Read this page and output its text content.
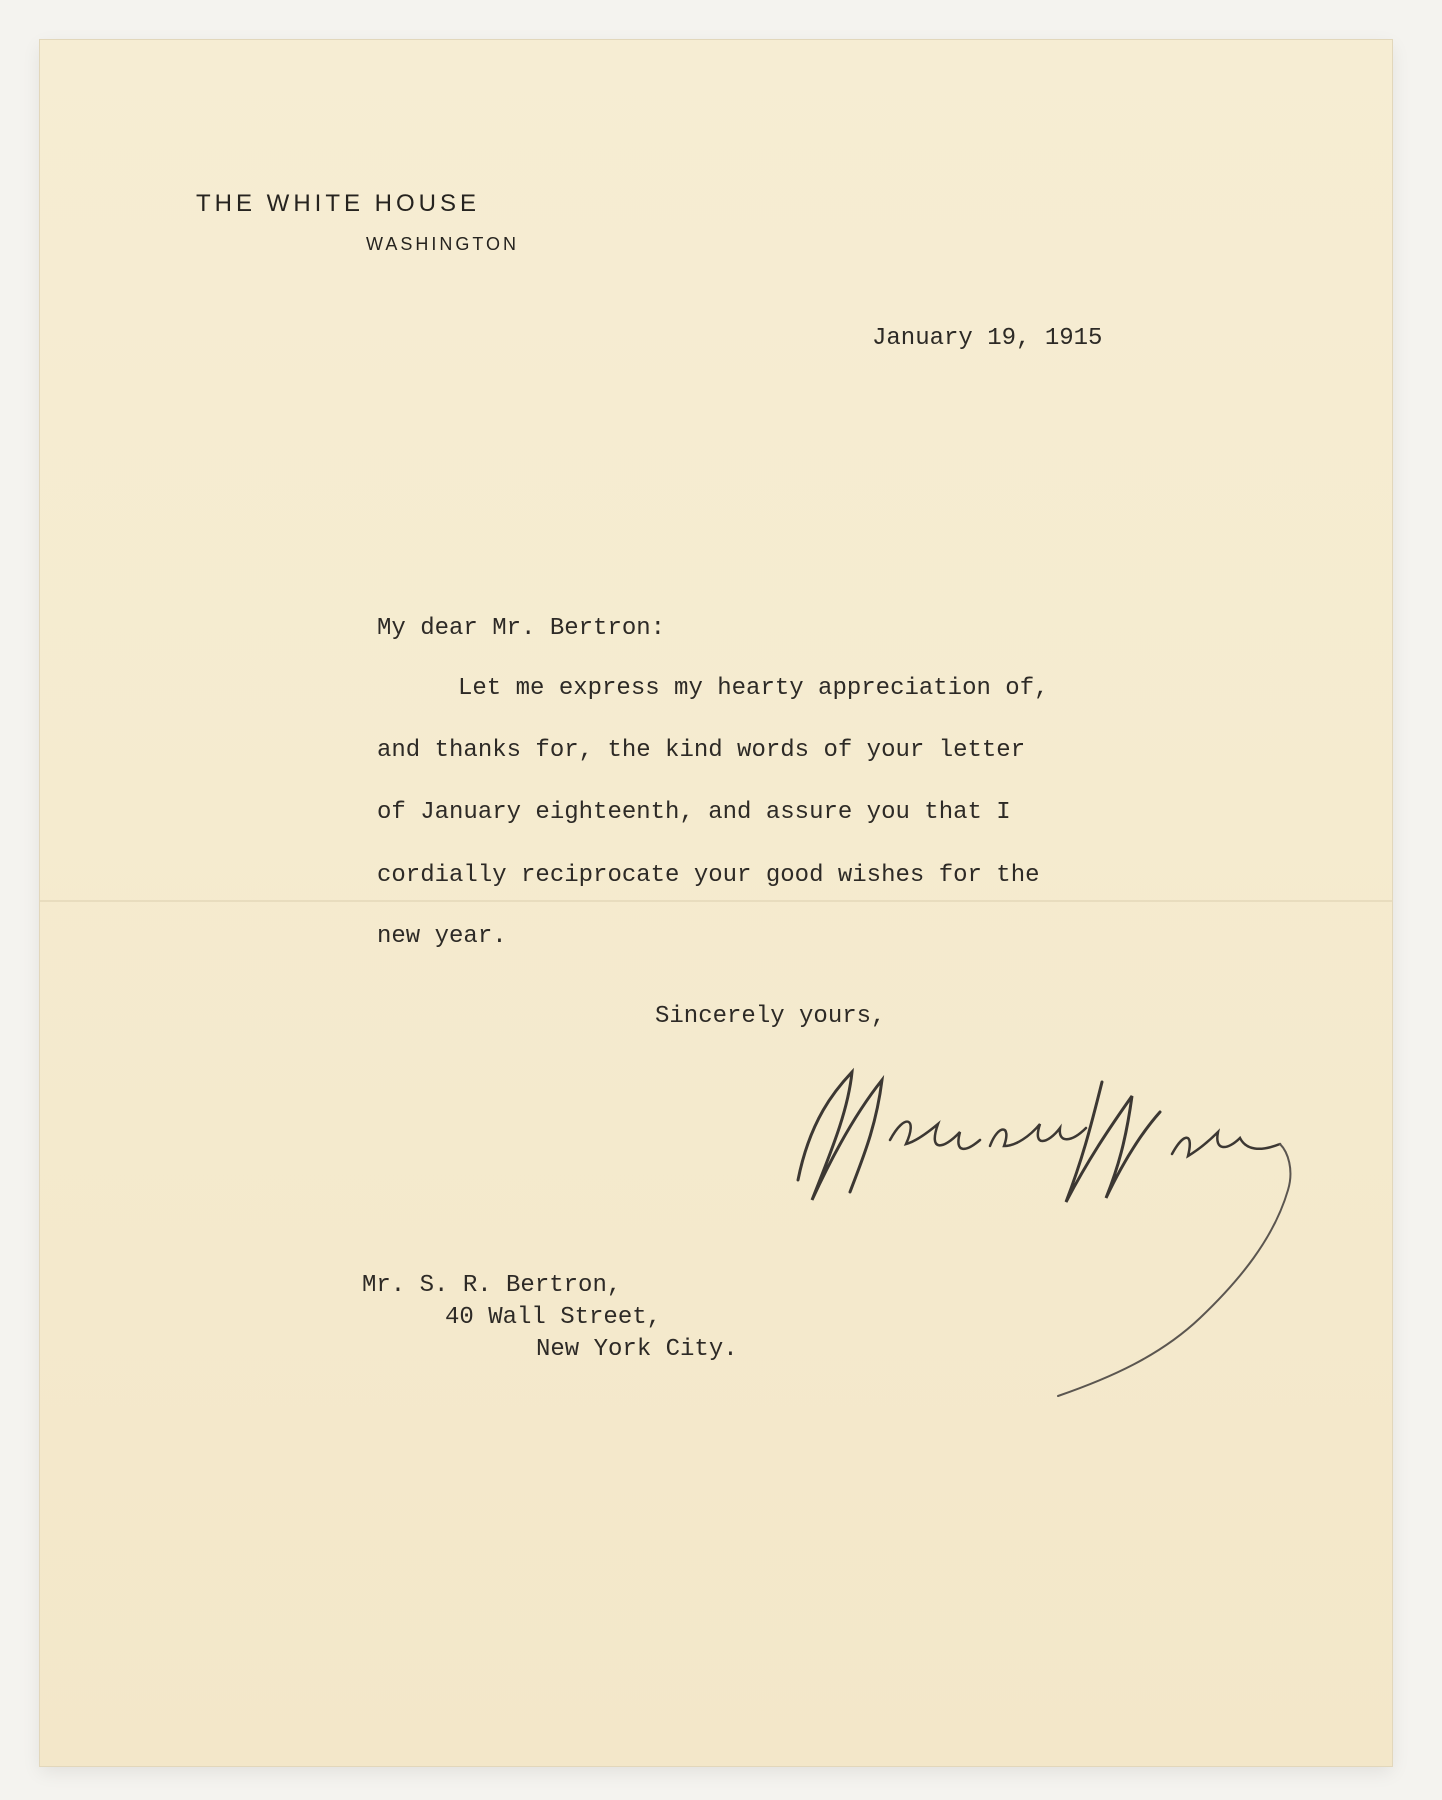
THE WHITE HOUSE
WASHINGTON
January 19, 1915
My dear Mr. Bertron:
Let me express my hearty appreciation of,
and thanks for, the kind words of your letter
of January eighteenth, and assure you that I
cordially reciprocate your good wishes for the
new year.
Sincerely yours,
Mr. S. R. Bertron,
40 Wall Street,
New York City.
